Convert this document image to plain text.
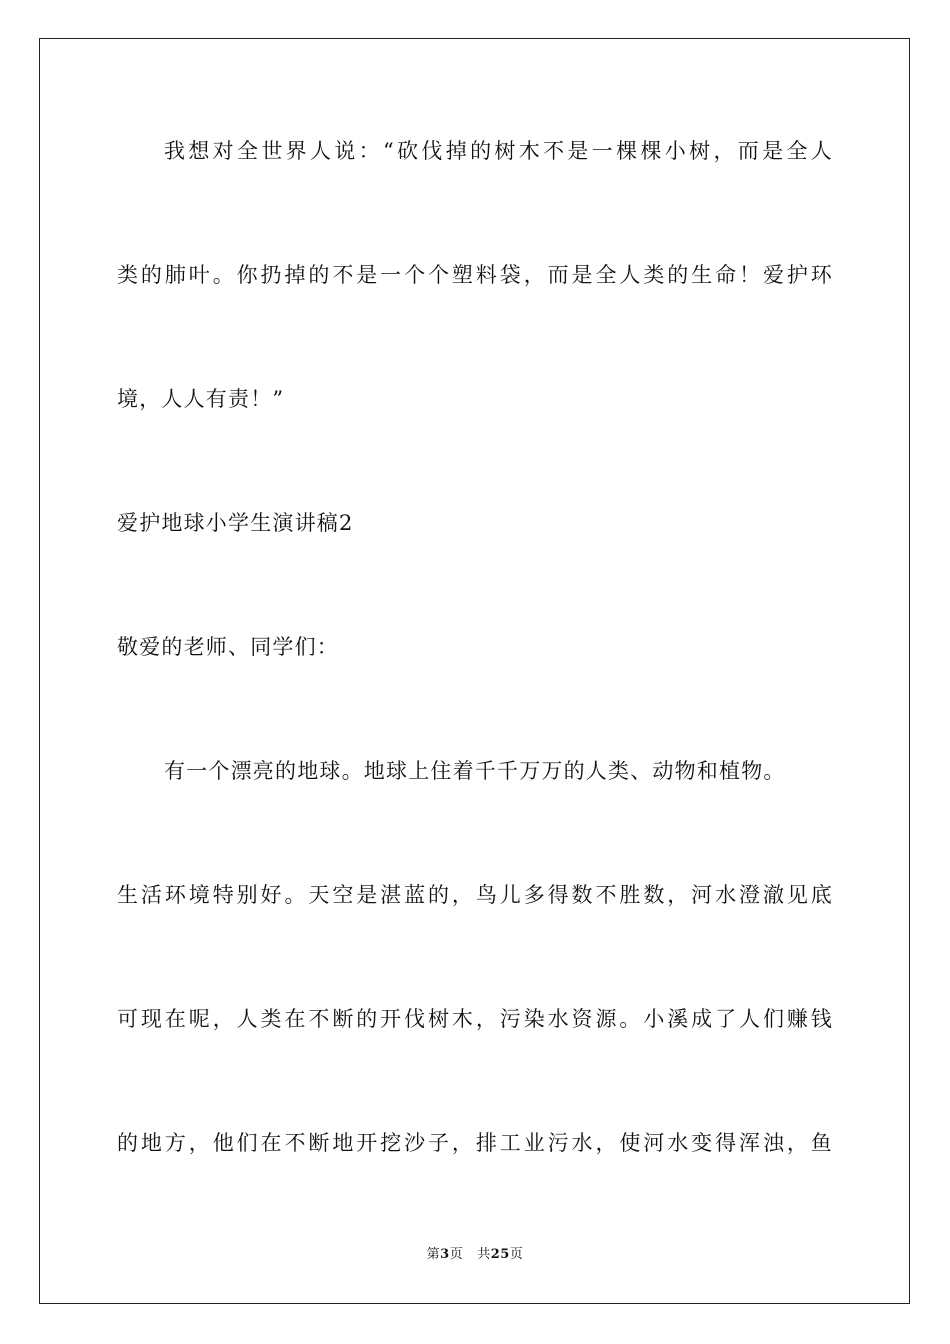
我想对全世界人说：“砍伐掉的树木不是一棵棵小树，而是全人
类的肺叶。你扔掉的不是一个个塑料袋，而是全人类的生命！爱护环
境，人人有责！”
爱护地球小学生演讲稿2
敬爱的老师、同学们：
有一个漂亮的地球。地球上住着千千万万的人类、动物和植物。
生活环境特别好。天空是湛蓝的，鸟儿多得数不胜数，河水澄澈见底
可现在呢，人类在不断的开伐树木，污染水资源。小溪成了人们赚钱
的地方，他们在不断地开挖沙子，排工业污水，使河水变得浑浊，鱼
第3页 共25页
